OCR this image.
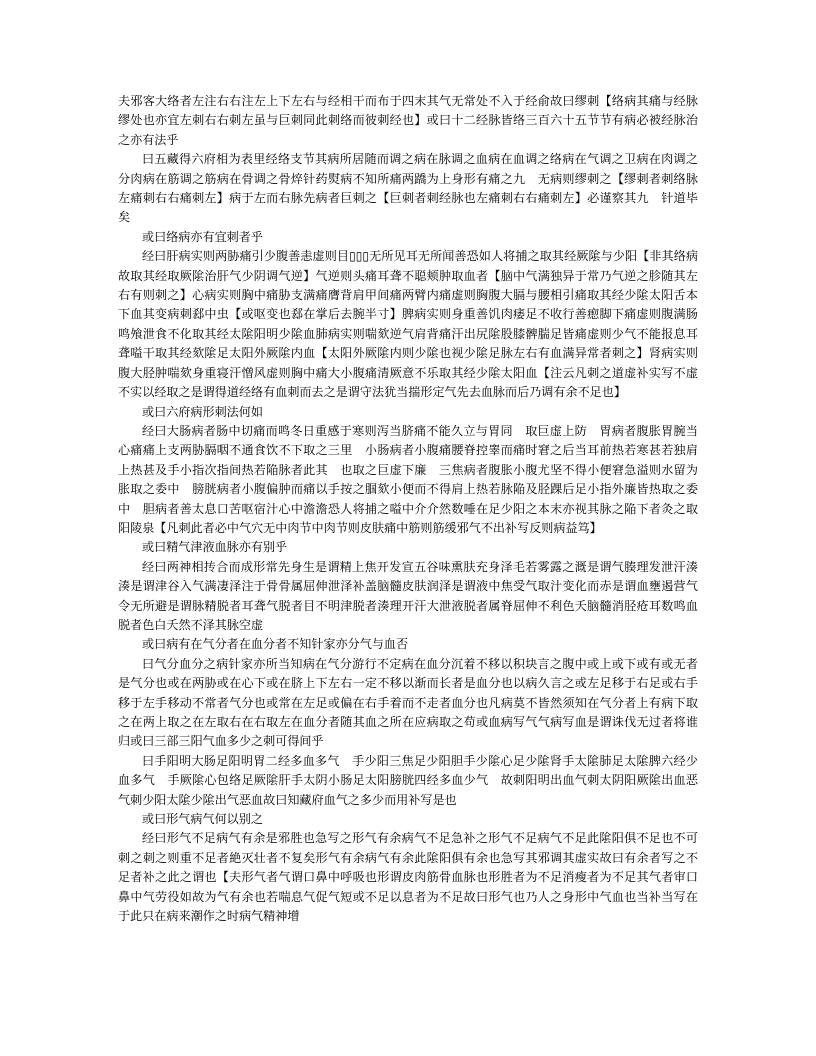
夫邪客大络者左注右右注左上下左右与经相干而布于四末其气无常处不入于经俞故曰缪刺【络病其痛与经脉缪处也亦宜左刺右右刺左虽与巨刺同此刺络而彼刺经也】或曰十二经脉皆络三百六十五节节有病必被经脉治之亦有法乎

曰五藏得六府相为表里经络支节其病所居随而调之病在脉调之血病在血调之络病在气调之卫病在肉调之分肉病在筋调之筋病在骨调之骨焠针药熨病不知所痛两蹻为上身形有痛之九　无病则缪刺之【缪刺者刺络脉左痛刺右右痛刺左】病于左而右脉先病者巨刺之【巨刺者刺经脉也左痛刺右右痛刺左】必谨察其九　针道毕矣

或曰络病亦有宜刺者乎

经曰肝病实则两胁痛引少腹善恚虚则目▯▯▯无所见耳无所闻善恐如人将捕之取其经厥隂与少阳【非其络病故取其经取厥隂治肝气少阴调气逆】气逆则头痛耳聋不聪颊肿取血者【脑中气满独异于常乃气逆之胗随其左右有则刺之】心病实则胸中痛胁支满痛膺背肩甲间痛两臂内痛虚则胸腹大膈与腰相引痛取其经少隂太阳舌本下血其变病刺郄中虫【或呕变也郄在掌后去腕半寸】脾病实则身重善饥肉痿足不收行善瘛脚下痛虚则腹满肠鸣飧泄食不化取其经太隂阳明少隂血肺病实则喘欬逆气肩背痛汗出尻隂股膝髀腨足皆痛虚则少气不能报息耳聋嗌干取其经欬隂足太阳外厥隂内血【太阳外厥隂内则少隂也视少隂足脉左右有血满异常者刺之】肾病实则腹大胫肿喘欬身重寝汗憎风虚则胸中痛大小腹痛清厥意不乐取其经少隂太阳血【注云凡刺之道虚补实写不虚不实以经取之是谓得道经络有血刺而去之是谓守法犹当揣形定气先去血脉而后乃调有余不足也】

或曰六府病形刺法何如

经曰大肠病者肠中切痛而鸣冬日重感于寒则泻当脐痛不能久立与胃同　取巨虚上防　胃病者腹胀胃腕当心痛痛上支两胁膈咽不通食饮不下取之三里　小肠病者小腹痛腰脊控睾而痛时窘之后当耳前热若寒甚若独肩上热甚及手小指次指间热若陥脉者此其　也取之巨虚下廉　三焦病者腹胀小腹尤坚不得小便窘急溢则水留为胀取之委中　膀胱病者小腹偏肿而痛以手按之腘欬小便而不得肩上热若脉陥及胫踝后足小指外廉皆热取之委中　胆病者善太息口苦呕宿汁心中澹澹恐人将捕之嗌中介介然数唾在足少阳之本末亦视其脉之陥下者灸之取阳陵泉【凡刺此者必中气穴无中肉节中肉节则皮肤痛中筋则筋缓邪气不出补写反则病益笃】

或曰精气津液血脉亦有别乎

经曰两神相抟合而成形常先身生是谓精上焦开发宣五谷味熏肤充身泽毛若雾露之溉是谓气腠理发泄汗湊湊是谓津谷入气满凄泽注于骨骨属屈伸泄泽补盖脑髓皮肤润泽是谓液中焦受气取汁变化而赤是谓血壅遏营气令无所避是谓脉精脱者耳聋气脱者目不明津脱者湊理开汗大泄液脱者属脊屈伸不利色夭脑髓消胫疮耳数鸣血脱者色白夭然不泽其脉空虚

或曰病有在气分者在血分者不知针家亦分气与血否

曰气分血分之病针家亦所当知病在气分游行不定病在血分沉着不移以积块言之腹中或上或下或有或无者是气分也或在两胁或在心下或在脐上下左右一定不移以渐而长者是血分也以病久言之或左足移于右足或右手移于左手移动不常者气分也或常在左足或偏在右手着而不走者血分也凡病莫不皆然须知在气分者上有病下取之在两上取之在左取右在右取左在血分者随其血之所在应病取之苟或血病写气气病写血是谓诛伐无过者将谁归或曰三部三阳气血多少之刺可得间乎

曰手阳明大肠足阳明胃二经多血多气　手少阳三焦足少阳胆手少隂心足少隂肾手太隂肺足太隂脾六经少血多气　手厥隂心包络足厥隂肝手太阴小肠足太阳膀胱四经多血少气　故刺阳明出血气刺太阴阳厥隂出血恶气刺少阳太隂少隂出气恶血故曰知藏府血气之多少而用补写是也

或曰形气病气何以别之

经曰形气不足病气有余是邪胜也急写之形气有余病气不足急补之形气不足病气不足此隂阳俱不足也不可刺之刺之则重不足者絶灭壮者不复矣形气有余病气有余此隂阳俱有余也急写其邪调其虚实故曰有余者写之不足者补之此之谓也【夫形气者气谓口鼻中呼吸也形谓皮肉筋骨血脉也形胜者为不足消瘦者为不足其气者审口鼻中气劳役如故为气有余也若喘息气促气短或不足以息者为不足故曰形气也乃人之身形中气血也当补当写在于此只在病来潮作之时病气精神增
